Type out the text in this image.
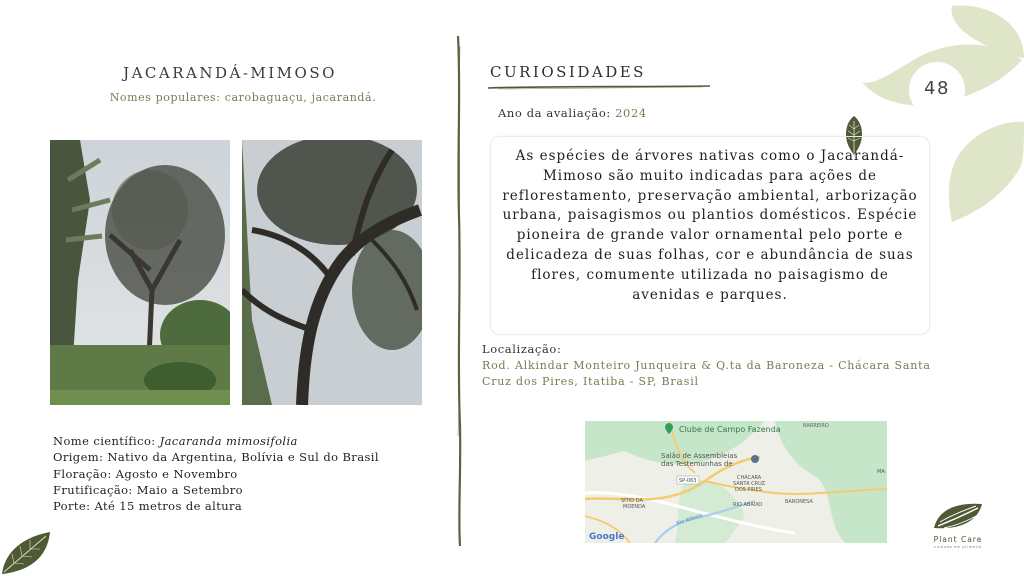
48
JACARANDÁ-MIMOSO
Nomes populares: carobaguaçu, jacarandá.
Nome científico: Jacaranda mimosifolia
Origem: Nativo da Argentina, Bolívia e Sul do Brasil
Floração: Agosto e Novembro
Frutificação: Maio a Setembro
Porte: Até 15 metros de altura
CURIOSIDADES
Ano da avaliação: 2024
As espécies de árvores nativas como o Jacarandá-Mimoso são muito indicadas para ações de reflorestamento, preservação ambiental, arborização urbana, paisagismos ou plantios domésticos. Espécie pioneira de grande valor ornamental pelo porte e delicadeza de suas folhas, cor e abundância de suas flores, comumente utilizada no paisagismo de avenidas e parques.
Localização:
Rod. Alkindar Monteiro Junqueira & Q.ta da Baroneza - Chácara Santa Cruz dos Pires, Itatiba - SP, Brasil
Clube de Campo Fazenda	BARREIRO
Salão de Assembleias
das Testemunhas de
SP-063	CHÁCARA
SANTA CRUZ
DOS PIRES
SÍTIO DA
MOENDA	RIO ABAIXO	BARONESA
Rio Atibaia
MA
Google	Plant Care
cuidado em primeiro
